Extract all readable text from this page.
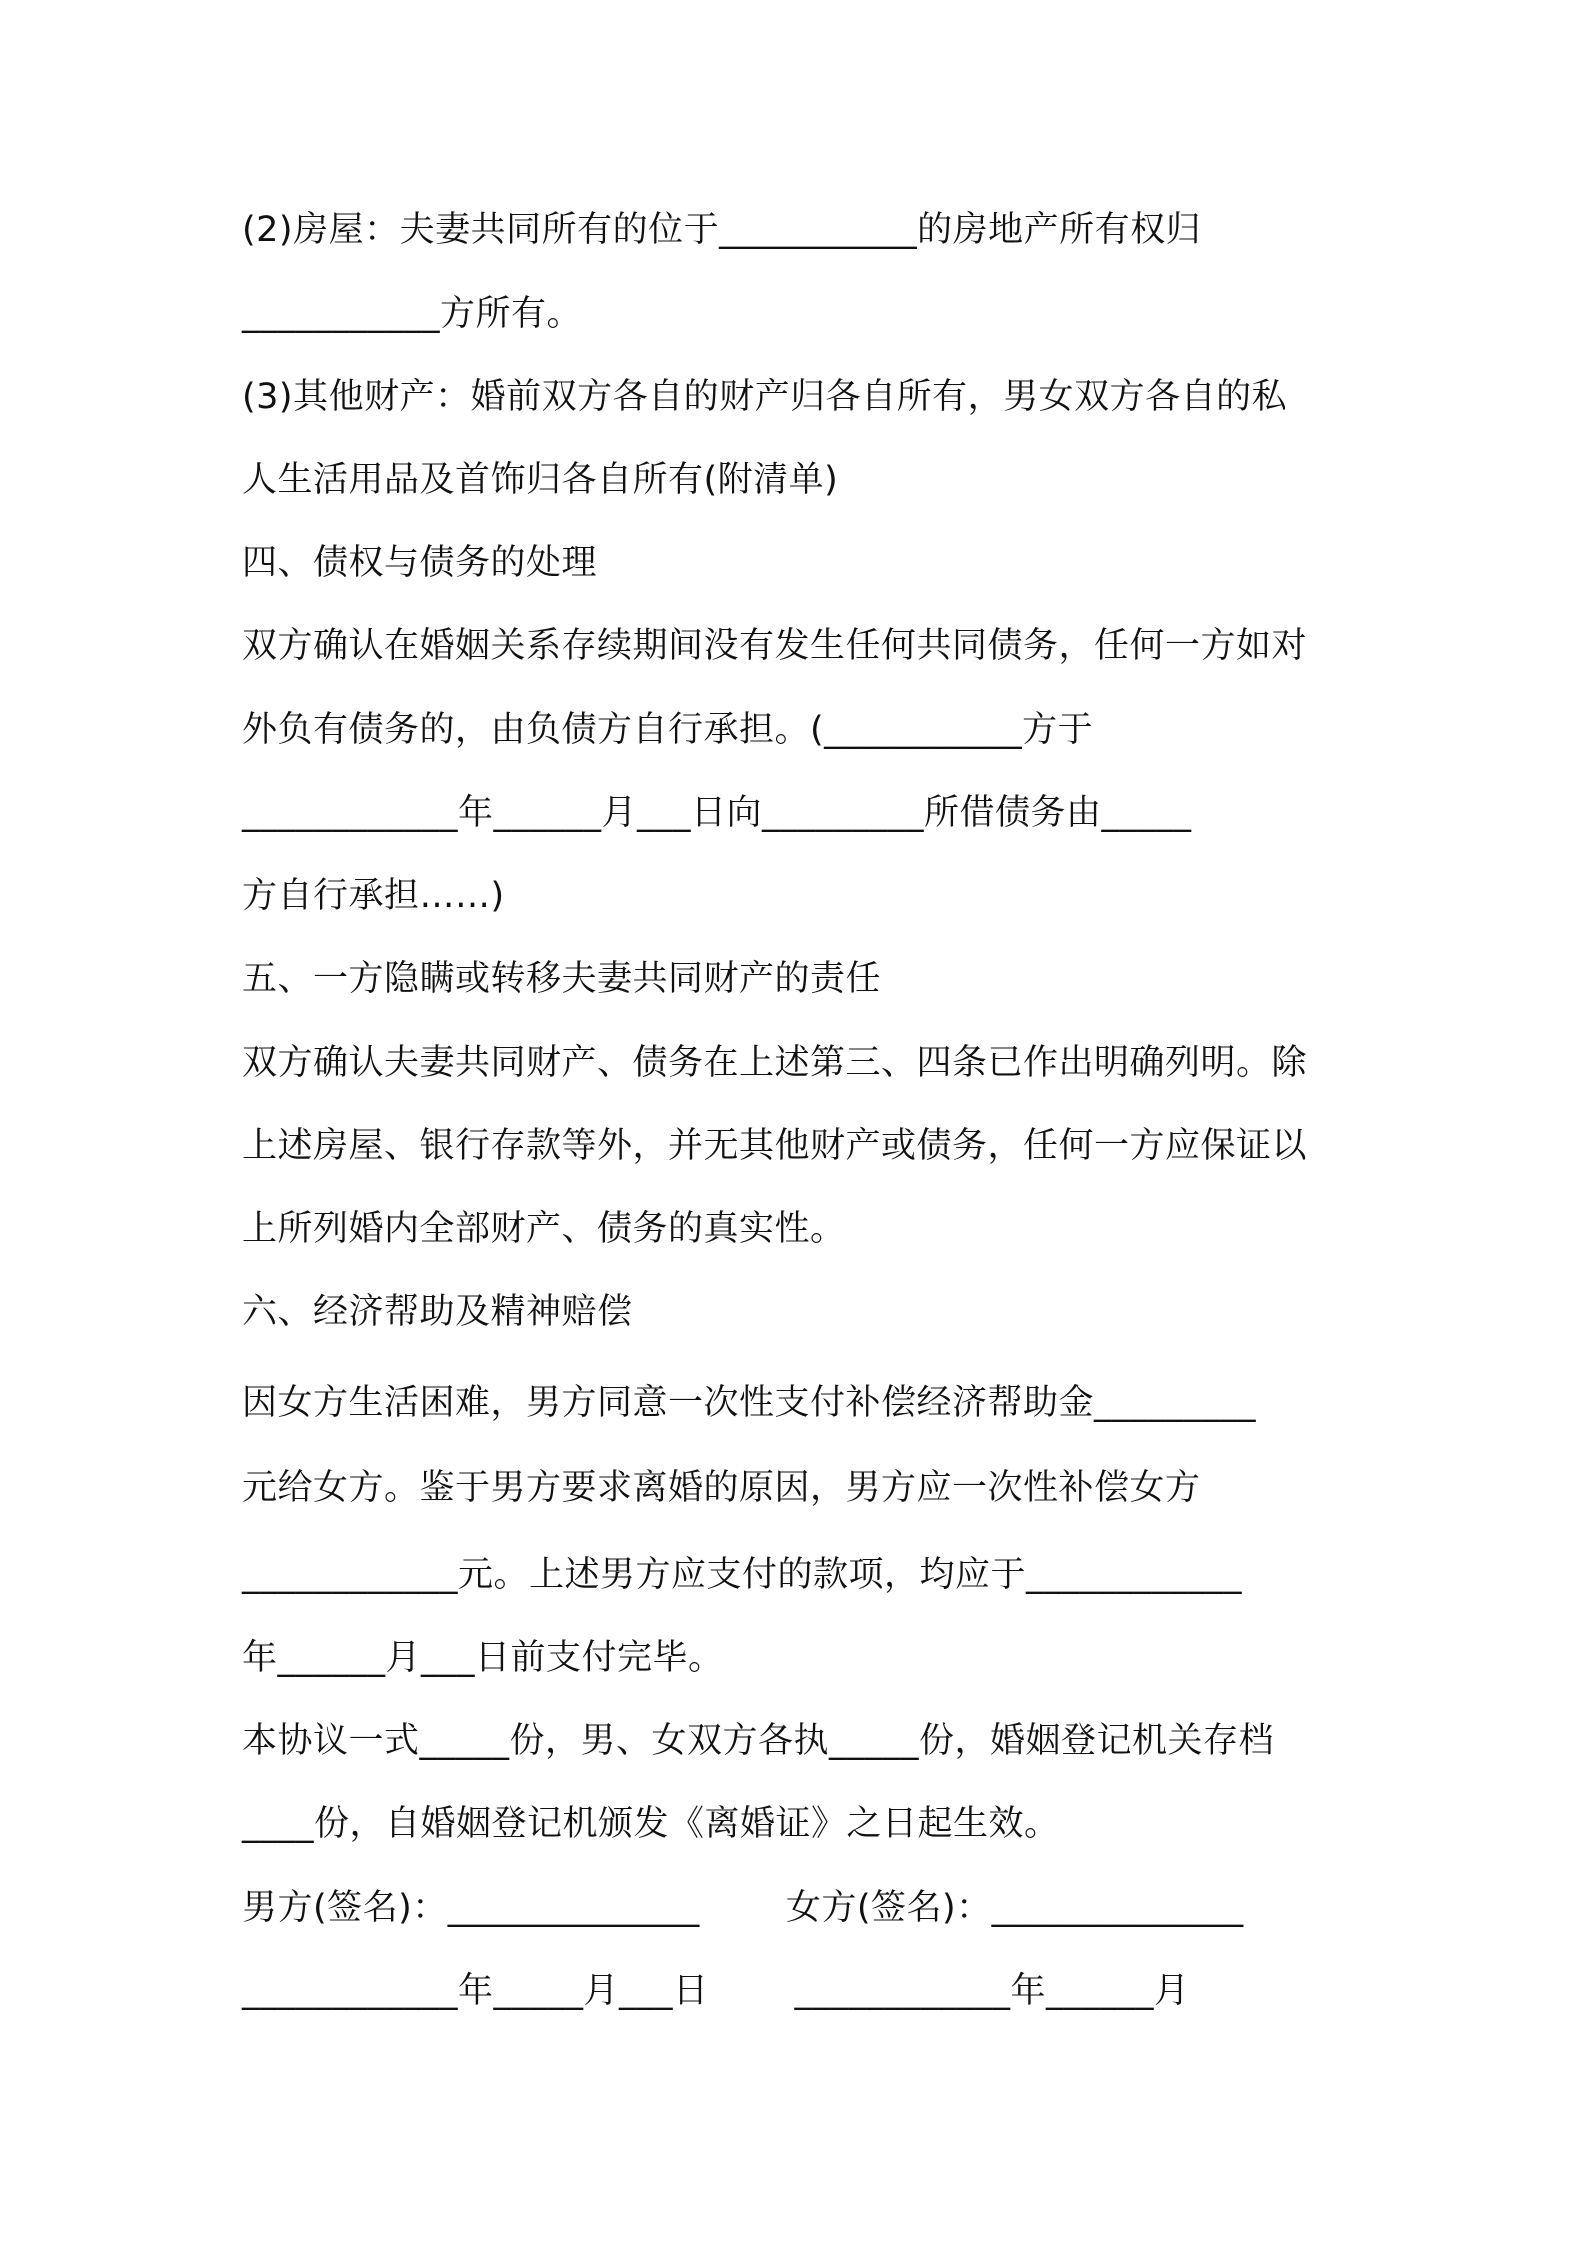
(2)房屋：夫妻共同所有的位于___________的房地产所有权归
___________方所有。
(3)其他财产：婚前双方各自的财产归各自所有，男女双方各自的私
人生活用品及首饰归各自所有(附清单)
四、债权与债务的处理
双方确认在婚姻关系存续期间没有发生任何共同债务，任何一方如对
外负有债务的，由负债方自行承担。(___________方于
____________年______月___日向_________所借债务由_____
方自行承担……)
五、一方隐瞒或转移夫妻共同财产的责任
双方确认夫妻共同财产、债务在上述第三、四条已作出明确列明。除
上述房屋、银行存款等外，并无其他财产或债务，任何一方应保证以
上所列婚内全部财产、债务的真实性。
六、经济帮助及精神赔偿
因女方生活困难，男方同意一次性支付补偿经济帮助金_________
元给女方。鉴于男方要求离婚的原因，男方应一次性补偿女方
____________元。上述男方应支付的款项，均应于____________
年______月___日前支付完毕。
本协议一式_____份，男、女双方各执_____份，婚姻登记机关存档
____份，自婚姻登记机颁发《离婚证》之日起生效。
男方(签名)：______________ 女方(签名)：______________
____________年_____月___日 ____________年______月
